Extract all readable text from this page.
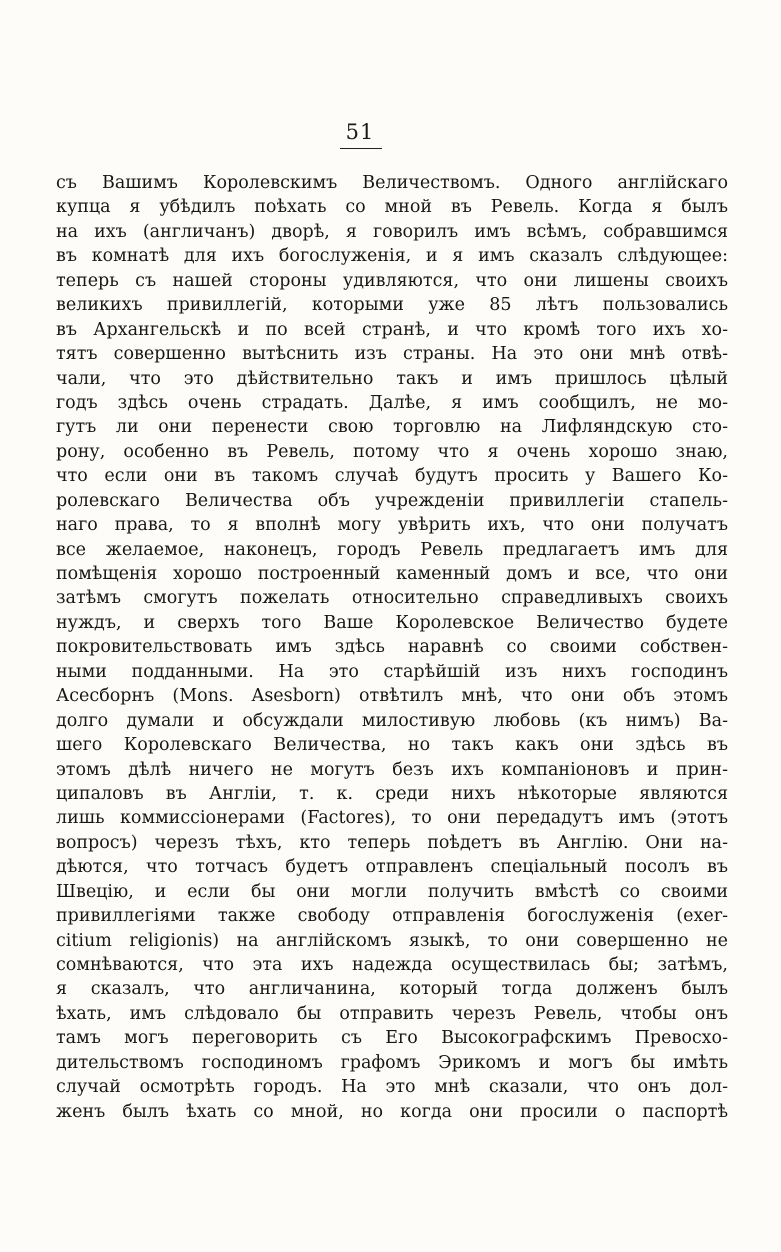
51
съ Вашимъ Королевскимъ Величествомъ. Одного англійскаго
купца я убѣдилъ поѣхать со мной въ Ревель. Когда я былъ
на ихъ (англичанъ) дворѣ, я говорилъ имъ всѣмъ, собравшимся
въ комнатѣ для ихъ богослуженія, и я имъ сказалъ слѣдующее:
теперь съ нашей стороны удивляются, что они лишены своихъ
великихъ привиллегій, которыми уже 85 лѣтъ пользовались
въ Архангельскѣ и по всей странѣ, и что кромѣ того ихъ хо-
тятъ совершенно вытѣснить изъ страны. На это они мнѣ отвѣ-
чали, что это дѣйствительно такъ и имъ пришлось цѣлый
годъ здѣсь очень страдать. Далѣе, я имъ сообщилъ, не мо-
гутъ ли они перенести свою торговлю на Лифляндскую сто-
рону, особенно въ Ревель, потому что я очень хорошо знаю,
что если они въ такомъ случаѣ будутъ просить у Вашего Ко-
ролевскаго Величества объ учрежденіи привиллегіи стапель-
наго права, то я вполнѣ могу увѣрить ихъ, что они получатъ
все желаемое, наконецъ, городъ Ревель предлагаетъ имъ для
помѣщенія хорошо построенный каменный домъ и все, что они
затѣмъ смогутъ пожелать относительно справедливыхъ своихъ
нуждъ, и сверхъ того Ваше Королевское Величество будете
покровительствовать имъ здѣсь наравнѣ со своими собствен-
ными подданными. На это старѣйшій изъ нихъ господинъ
Асесборнъ (Mons. Asesborn) отвѣтилъ мнѣ, что они объ этомъ
долго думали и обсуждали милостивую любовь (къ нимъ) Ва-
шего Королевскаго Величества, но такъ какъ они здѣсь въ
этомъ дѣлѣ ничего не могутъ безъ ихъ компаніоновъ и прин-
ципаловъ въ Англіи, т. к. среди нихъ нѣкоторые являются
лишь коммиссіонерами (Factores), то они передадутъ имъ (этотъ
вопросъ) черезъ тѣхъ, кто теперь поѣдетъ въ Англію. Они на-
дѣются, что тотчасъ будетъ отправленъ спеціальный посолъ въ
Швецію, и если бы они могли получить вмѣстѣ со своими
привиллегіями также свободу отправленія богослуженія (exer-
citium religionis) на англійскомъ языкѣ, то они совершенно не
сомнѣваются, что эта ихъ надежда осуществилась бы; затѣмъ,
я сказалъ, что англичанина, который тогда долженъ былъ
ѣхать, имъ слѣдовало бы отправить черезъ Ревель, чтобы онъ
тамъ могъ переговорить съ Его Высокографскимъ Превосхо-
дительствомъ господиномъ графомъ Эрикомъ и могъ бы имѣть
случай осмотрѣть городъ. На это мнѣ сказали, что онъ дол-
женъ былъ ѣхать со мной, но когда они просили о паспортѣ
